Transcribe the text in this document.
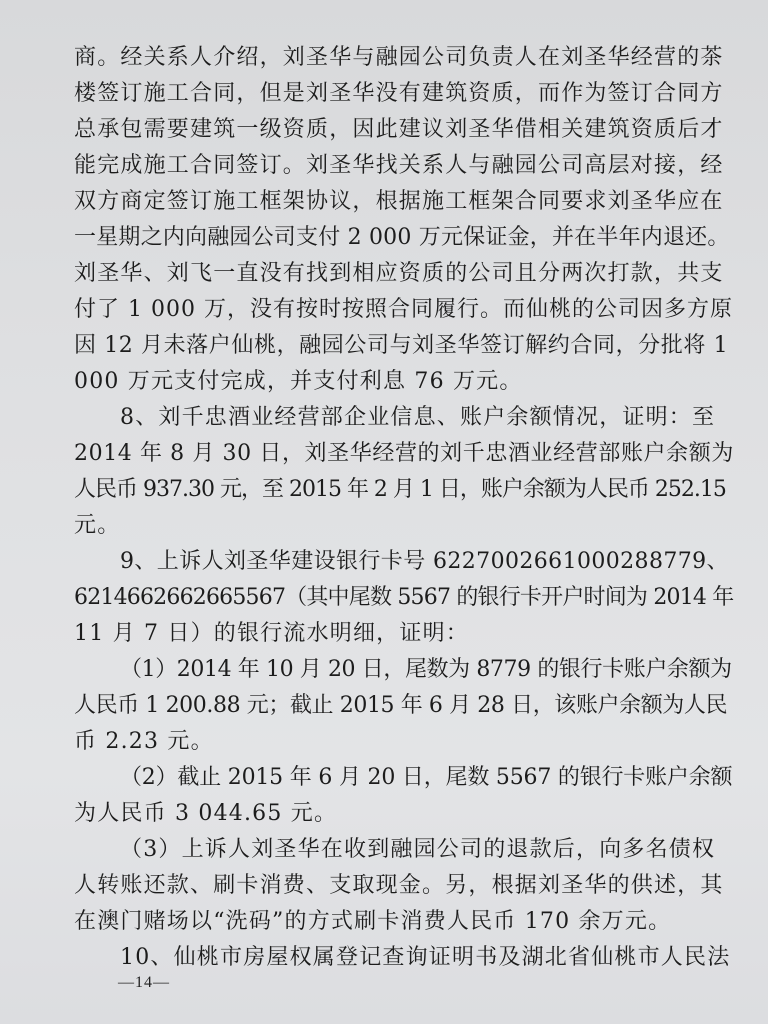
商。经关系人介绍，刘圣华与融园公司负责人在刘圣华经营的茶
楼签订施工合同，但是刘圣华没有建筑资质，而作为签订合同方
总承包需要建筑一级资质，因此建议刘圣华借相关建筑资质后才
能完成施工合同签订。刘圣华找关系人与融园公司高层对接，经
双方商定签订施工框架协议，根据施工框架合同要求刘圣华应在
一星期之内向融园公司支付 2 000 万元保证金，并在半年内退还。
刘圣华、刘飞一直没有找到相应资质的公司且分两次打款，共支
付了 1 000 万，没有按时按照合同履行。而仙桃的公司因多方原
因 12 月未落户仙桃，融园公司与刘圣华签订解约合同，分批将 1
000 万元支付完成，并支付利息 76 万元。
8、刘千忠酒业经营部企业信息、账户余额情况，证明：至
2014 年 8 月 30 日，刘圣华经营的刘千忠酒业经营部账户余额为
人民币 937.30 元，至 2015 年 2 月 1 日，账户余额为人民币 252.15
元。
9、上诉人刘圣华建设银行卡号 6227002661000288779、
6214662662665567（其中尾数 5567 的银行卡开户时间为 2014 年
11 月 7 日）的银行流水明细，证明：
（1）2014 年 10 月 20 日，尾数为 8779 的银行卡账户余额为
人民币 1 200.88 元；截止 2015 年 6 月 28 日，该账户余额为人民
币 2.23 元。
（2）截止 2015 年 6 月 20 日，尾数 5567 的银行卡账户余额
为人民币 3 044.65 元。
（3）上诉人刘圣华在收到融园公司的退款后，向多名债权
人转账还款、刷卡消费、支取现金。另，根据刘圣华的供述，其
在澳门赌场以“洗码”的方式刷卡消费人民币 170 余万元。
10、仙桃市房屋权属登记查询证明书及湖北省仙桃市人民法
—14—
